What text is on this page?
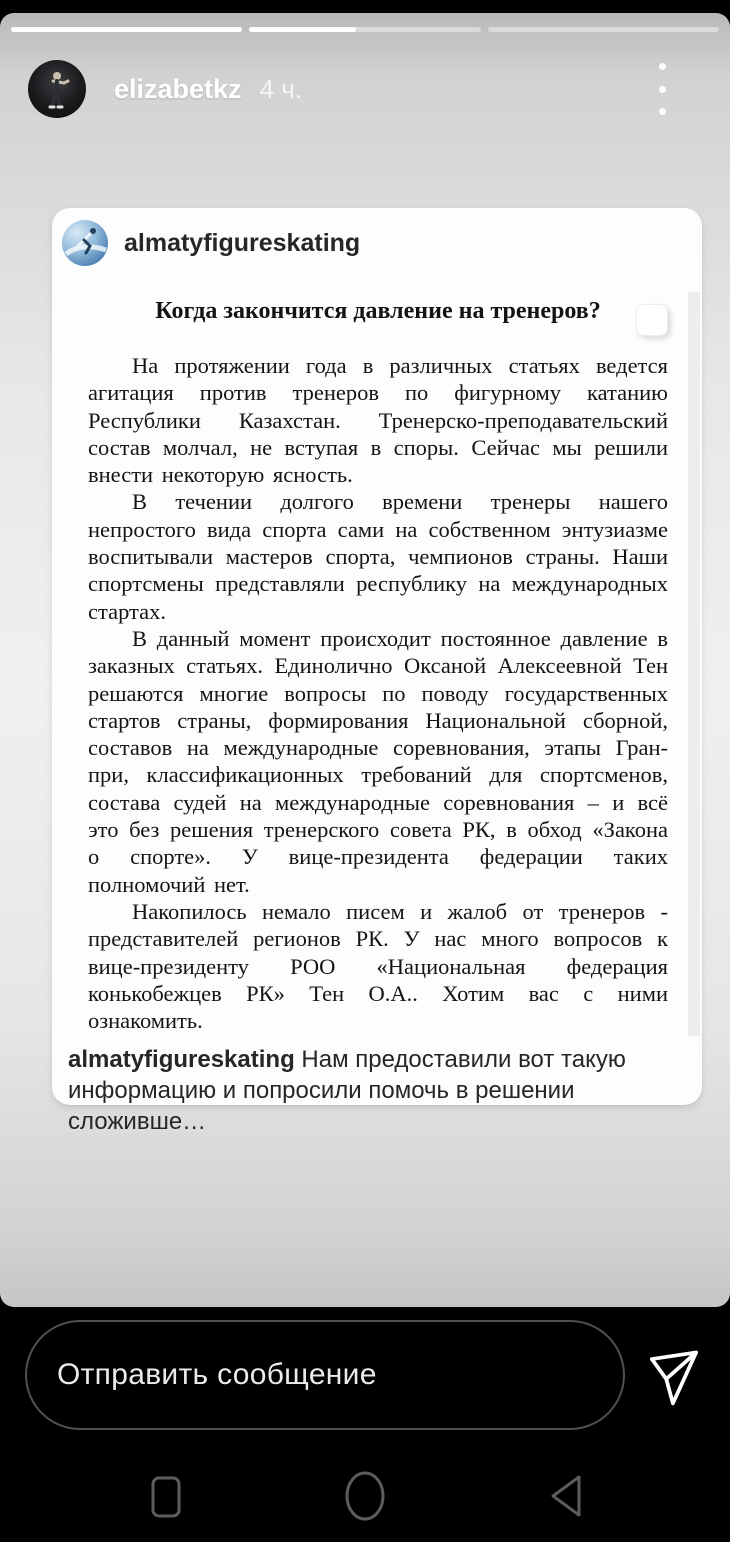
elizabetkz 4 ч.
almatyfigureskating

Когда закончится давление на тренеров?

На протяжении года в различных статьях ведется агитация против тренеров по фигурному катанию Республики Казахстан. Тренерско-преподавательский состав молчал, не вступая в споры. Сейчас мы решили внести некоторую ясность.

В течении долгого времени тренеры нашего непростого вида спорта сами на собственном энтузиазме воспитывали мастеров спорта, чемпионов страны. Наши спортсмены представляли республику на международных стартах.

В данный момент происходит постоянное давление в заказных статьях. Единолично Оксаной Алексеевной Тен решаются многие вопросы по поводу государственных стартов страны, формирования Национальной сборной, составов на международные соревнования, этапы Гран-при, классификационных требований для спортсменов, состава судей на международные соревнования – и всё это без решения тренерского совета РК, в обход «Закона о спорте». У вице-президента федерации таких полномочий нет.

Накопилось немало писем и жалоб от тренеров - представителей регионов РК. У нас много вопросов к вице-президенту РОО «Национальная федерация конькобежцев РК» Тен О.А.. Хотим вас с ними ознакомить.

almatyfigureskating Нам предоставили вот такую информацию и попросили помочь в решении сложивше…
Отправить сообщение
